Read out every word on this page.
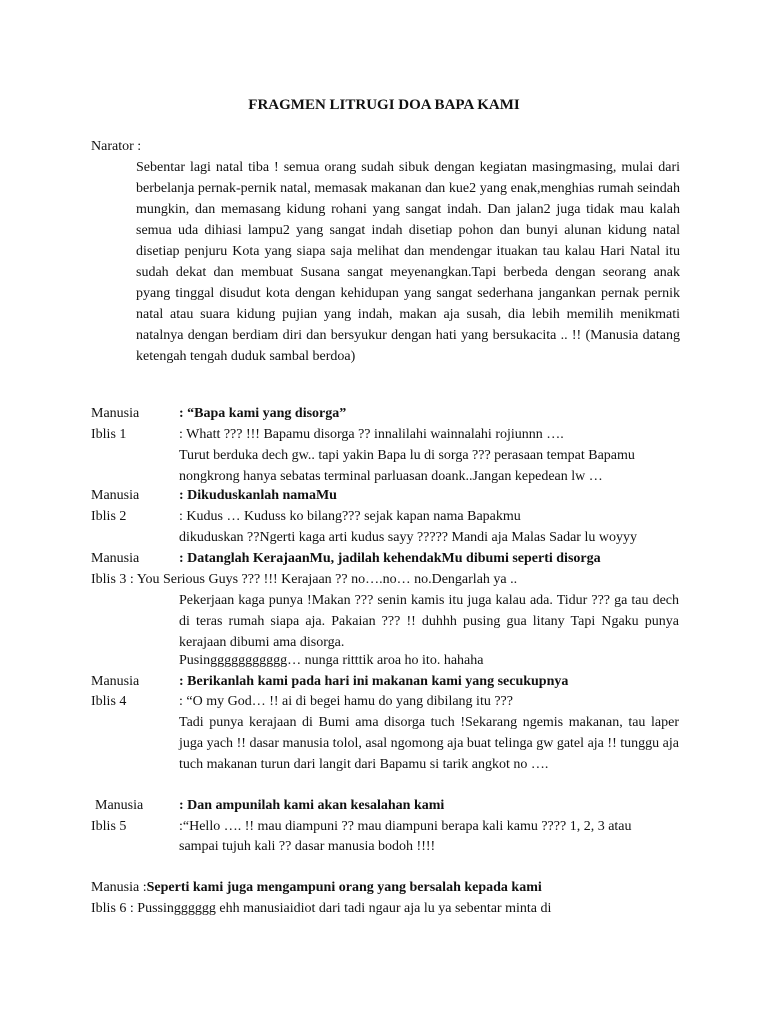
FRAGMEN LITRUGI DOA BAPA KAMI
Narator :

Sebentar lagi natal tiba ! semua orang sudah sibuk dengan kegiatan masingmasing, mulai dari berbelanja pernak-pernik natal, memasak makanan dan kue2 yang enak,menghias rumah seindah mungkin, dan memasang kidung rohani yang sangat indah. Dan jalan2 juga tidak mau kalah semua uda dihiasi lampu2 yang sangat indah disetiap pohon dan bunyi alunan kidung natal disetiap penjuru Kota yang siapa saja melihat dan mendengar ituakan tau kalau Hari Natal itu sudah dekat dan membuat Susana sangat meyenangkan.Tapi berbeda dengan seorang anak pyang tinggal disudut kota dengan kehidupan yang sangat sederhana jangankan pernak pernik natal atau suara kidung pujian yang indah, makan aja susah, dia lebih memilih menikmati natalnya dengan berdiam diri dan bersyukur dengan hati yang bersukacita .. !! (Manusia datang ketengah tengah duduk sambal berdoa)

Manusia	: “Bapa kami yang disorga”
Iblis 1	: Whatt ??? !!! Bapamu disorga ?? innalilahi wainnalahi rojiunnn ….
Turut berduka dech gw.. tapi yakin Bapa lu di sorga ??? perasaan tempat Bapamu
nongkrong hanya sebatas terminal parluasan doank..Jangan kepedean lw …
Manusia	: Dikuduskanlah namaMu
Iblis 2	: Kudus … Kuduss ko bilang??? sejak kapan nama Bapakmu
dikuduskan ??Ngerti kaga arti kudus sayy ????? Mandi aja Malas Sadar lu woyyy
Manusia	: Datanglah KerajaanMu, jadilah kehendakMu dibumi seperti disorga
Iblis 3 : You Serious Guys ??? !!! Kerajaan ?? no….no… no.Dengarlah ya ..

Pekerjaan kaga punya !Makan ??? senin kamis itu juga kalau ada. Tidur ??? ga tau dech di teras rumah siapa aja. Pakaian ??? !! duhhh pusing gua litany Tapi Ngaku punya kerajaan dibumi ama disorga.

Pusinggggggggggg… nunga ritttik aroa ho ito. hahaha
Manusia	: Berikanlah kami pada hari ini makanan kami yang secukupnya
Iblis 4	: “O my God… !! ai di begei hamu do yang dibilang itu ???

Tadi punya kerajaan di Bumi ama disorga tuch !Sekarang ngemis makanan, tau laper juga yach !! dasar manusia tolol, asal ngomong aja buat telinga gw gatel aja !! tunggu aja tuch makanan turun dari langit dari Bapamu si tarik angkot no ….

Manusia	: Dan ampunilah kami akan kesalahan kami
Iblis 5	:“Hello …. !! mau diampuni ?? mau diampuni berapa kali kamu ???? 1, 2, 3 atau
sampai tujuh kali ?? dasar manusia bodoh !!!!
Manusia :Seperti kami juga mengampuni orang yang bersalah kepada kami
Iblis 6 : Pussingggggg ehh manusiaidiot dari tadi ngaur aja lu ya sebentar minta di
